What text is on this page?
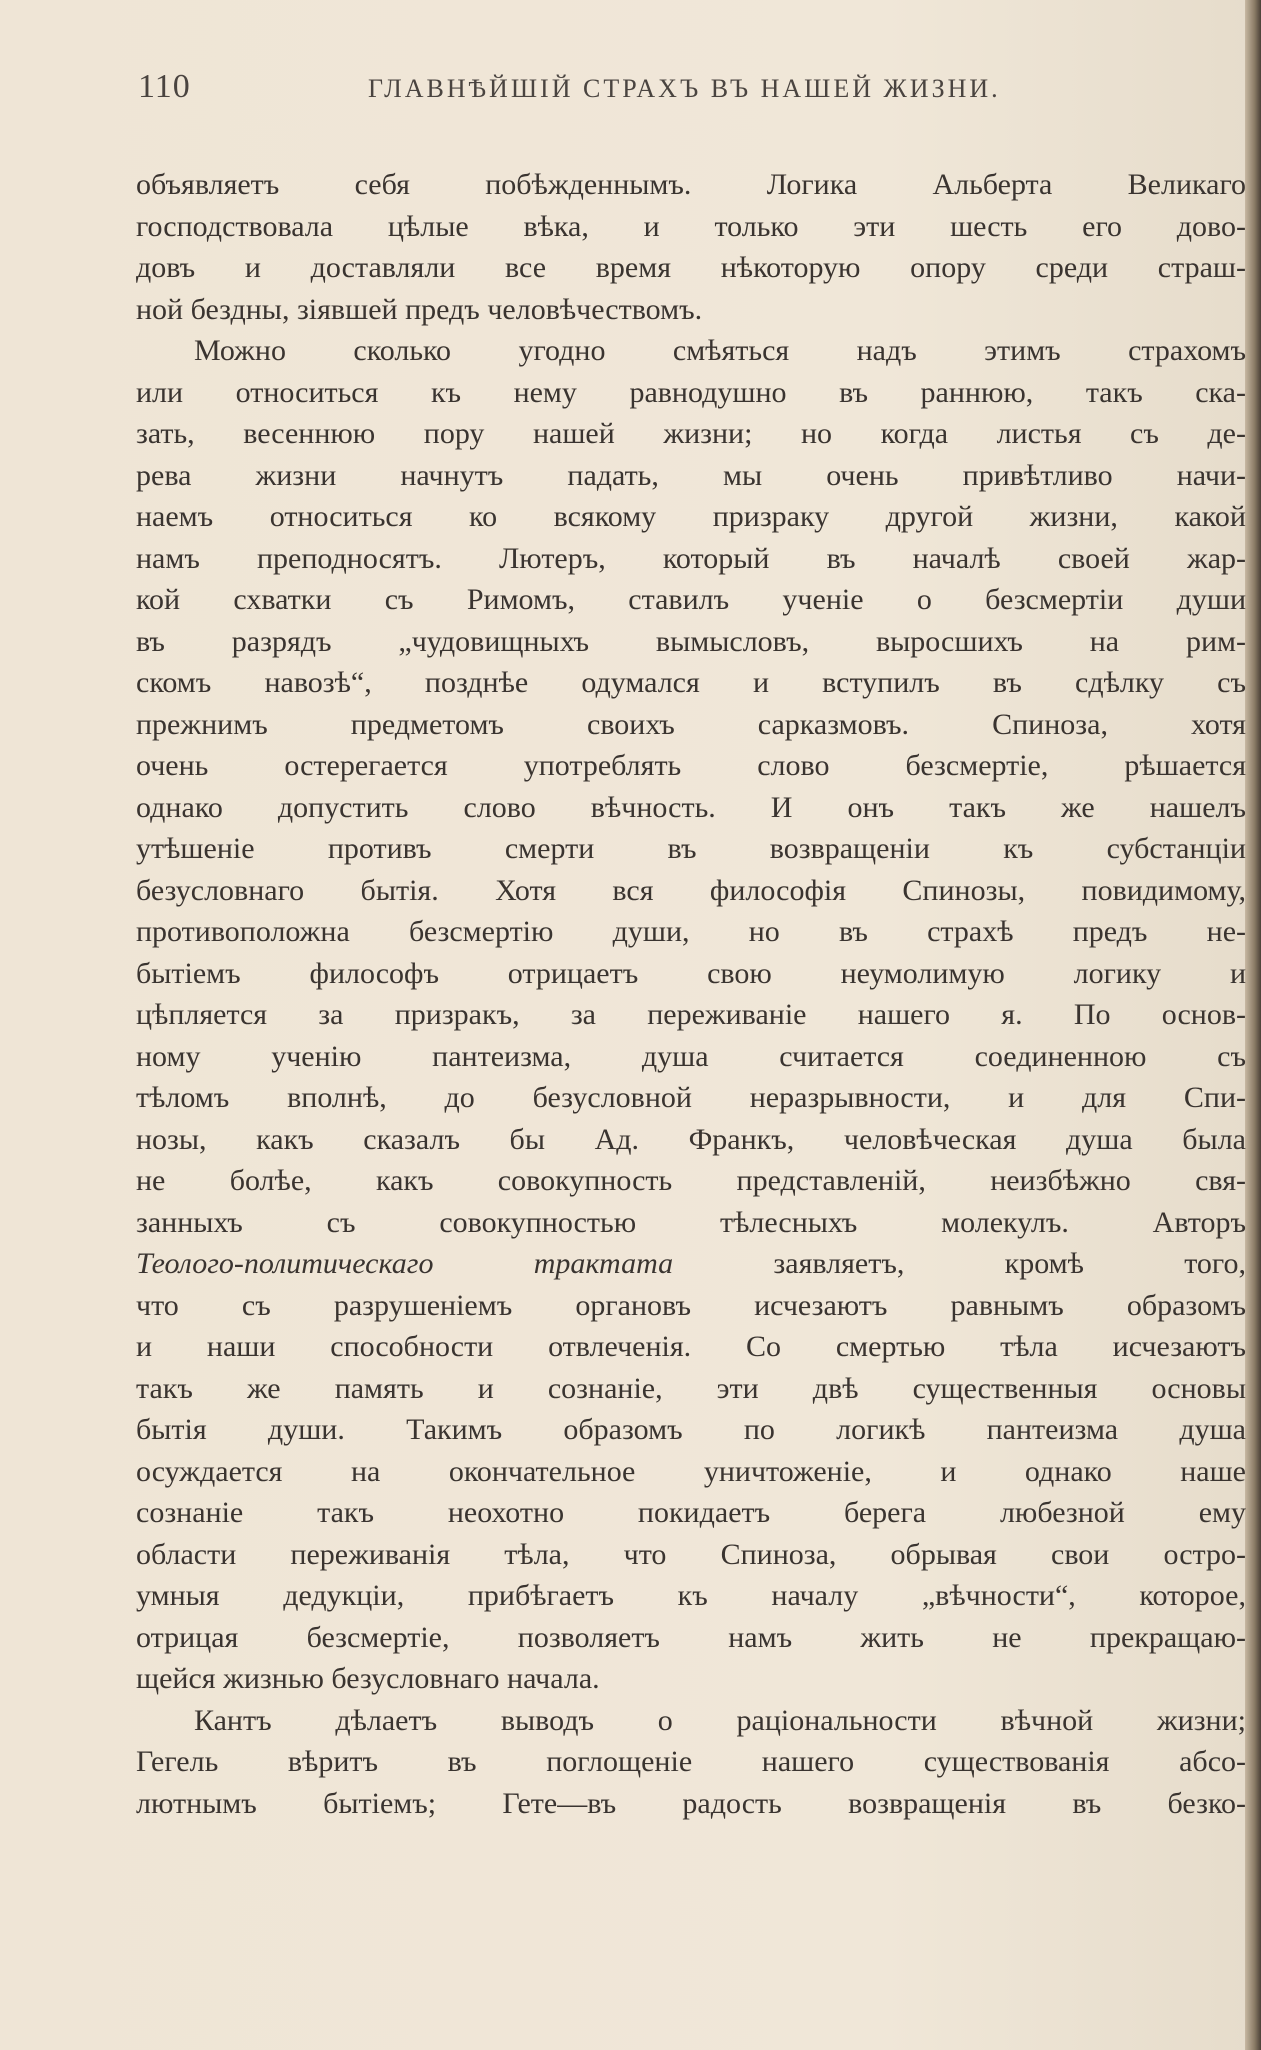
110	ГЛАВНѢЙШІЙ СТРАХЪ ВЪ НАШЕЙ ЖИЗНИ.
объявляетъ себя побѣжденнымъ. Логика Альберта Великаго
господствовала цѣлые вѣка, и только эти шесть его дово-
довъ и доставляли все время нѣкоторую опору среди страш-
ной бездны, зіявшей предъ человѣчествомъ.
Можно сколько угодно смѣяться надъ этимъ страхомъ
или относиться къ нему равнодушно въ раннюю, такъ ска-
зать, весеннюю пору нашей жизни; но когда листья съ де-
рева жизни начнутъ падать, мы очень привѣтливо начи-
наемъ относиться ко всякому призраку другой жизни, какой
намъ преподносятъ. Лютеръ, который въ началѣ своей жар-
кой схватки съ Римомъ, ставилъ ученіе о безсмертіи души
въ разрядъ „чудовищныхъ вымысловъ, выросшихъ на рим-
скомъ навозѣ“, позднѣе одумался и вступилъ въ сдѣлку съ
прежнимъ предметомъ своихъ сарказмовъ. Спиноза, хотя
очень остерегается употреблять слово безсмертіе, рѣшается
однако допустить слово вѣчность. И онъ такъ же нашелъ
утѣшеніе противъ смерти въ возвращеніи къ субстанціи
безусловнаго бытія. Хотя вся философія Спинозы, повидимому,
противоположна безсмертію души, но въ страхѣ предъ не-
бытіемъ философъ отрицаетъ свою неумолимую логику и
цѣпляется за призракъ, за переживаніе нашего я. По основ-
ному ученію пантеизма, душа считается соединенною съ
тѣломъ вполнѣ, до безусловной неразрывности, и для Спи-
нозы, какъ сказалъ бы Ад. Франкъ, человѣческая душа была
не болѣе, какъ совокупность представленій, неизбѣжно свя-
занныхъ съ совокупностью тѣлесныхъ молекулъ. Авторъ
Теолого-политическаго трактата заявляетъ, кромѣ того,
что съ разрушеніемъ органовъ исчезаютъ равнымъ образомъ
и наши способности отвлеченія. Со смертью тѣла исчезаютъ
такъ же память и сознаніе, эти двѣ существенныя основы
бытія души. Такимъ образомъ по логикѣ пантеизма душа
осуждается на окончательное уничтоженіе, и однако наше
сознаніе такъ неохотно покидаетъ берега любезной ему
области переживанія тѣла, что Спиноза, обрывая свои остро-
умныя дедукціи, прибѣгаетъ къ началу „вѣчности“, которое,
отрицая безсмертіе, позволяетъ намъ жить не прекращаю-
щейся жизнью безусловнаго начала.
Кантъ дѣлаетъ выводъ о раціональности вѣчной жизни;
Гегель вѣритъ въ поглощеніе нашего существованія абсо-
лютнымъ бытіемъ; Гете—въ радость возвращенія въ безко-
